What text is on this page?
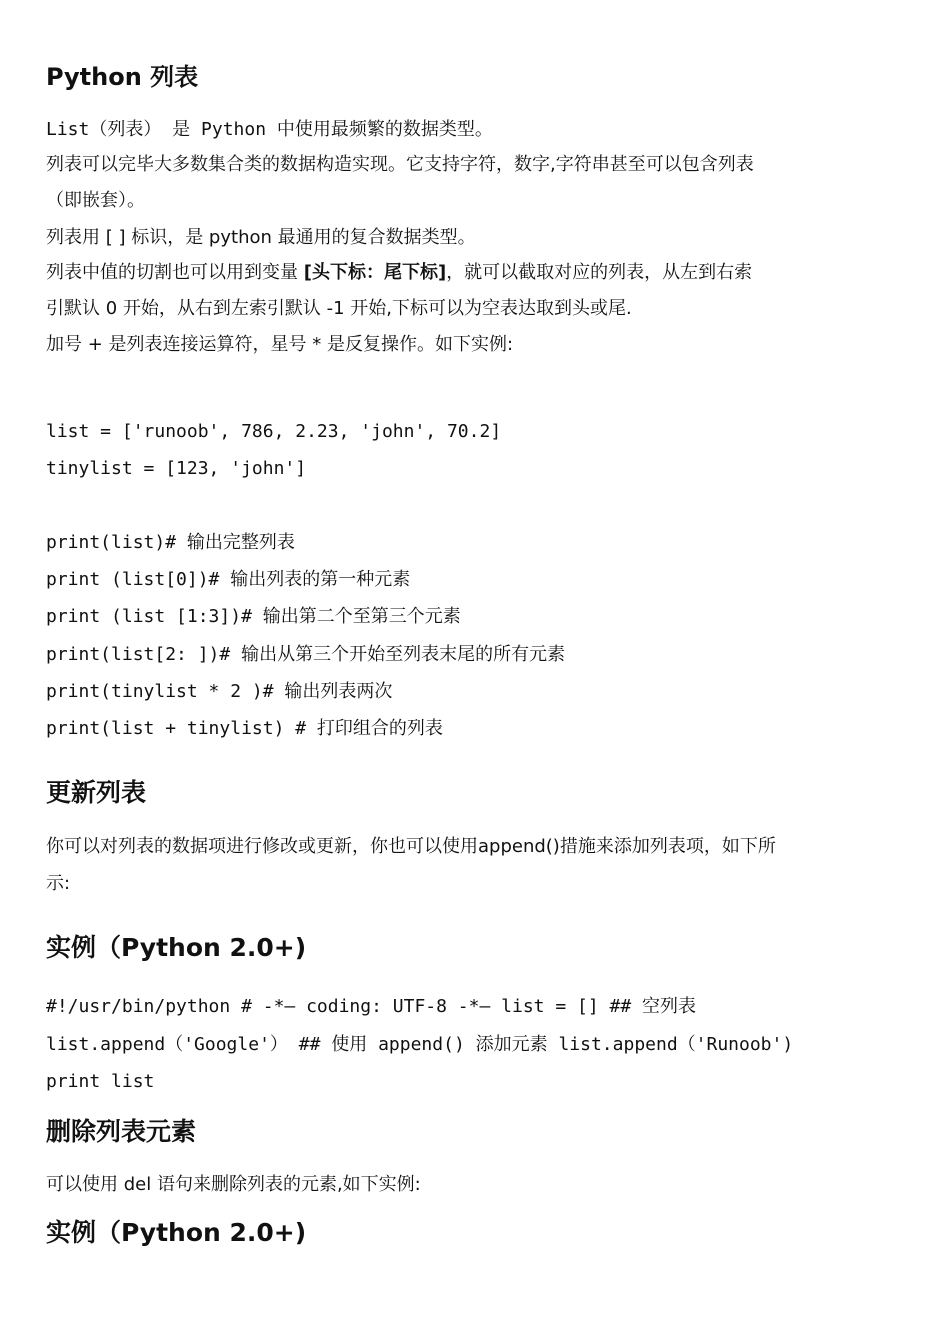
Python 列表
List（列表） 是 Python 中使用最频繁的数据类型。
列表可以完毕大多数集合类的数据构造实现。它支持字符，数字,字符串甚至可以包含列表
（即嵌套）。
列表用 [ ] 标识，是 python 最通用的复合数据类型。
列表中值的切割也可以用到变量 [头下标：尾下标]，就可以截取对应的列表，从左到右索
引默认 0 开始，从右到左索引默认 -1 开始,下标可以为空表达取到头或尾.
加号 + 是列表连接运算符，星号 * 是反复操作。如下实例:
list = ['runoob', 786, 2.23, 'john', 70.2]
tinylist = [123, 'john']
print(list)# 输出完整列表
print (list[0])# 输出列表的第一种元素
print (list [1:3])# 输出第二个至第三个元素
print(list[2: ])# 输出从第三个开始至列表末尾的所有元素
print(tinylist * 2 )# 输出列表两次
print(list + tinylist) # 打印组合的列表
更新列表
你可以对列表的数据项进行修改或更新，你也可以使用append()措施来添加列表项，如下所
示:
实例（Python 2.0+)
#!/usr/bin/python # -*— coding: UTF-8 -*— list = [] ## 空列表
list.append（'Google'） ## 使用 append() 添加元素 list.append（'Runoob')
print list
删除列表元素
可以使用 del 语句来删除列表的元素,如下实例:
实例（Python 2.0+)
